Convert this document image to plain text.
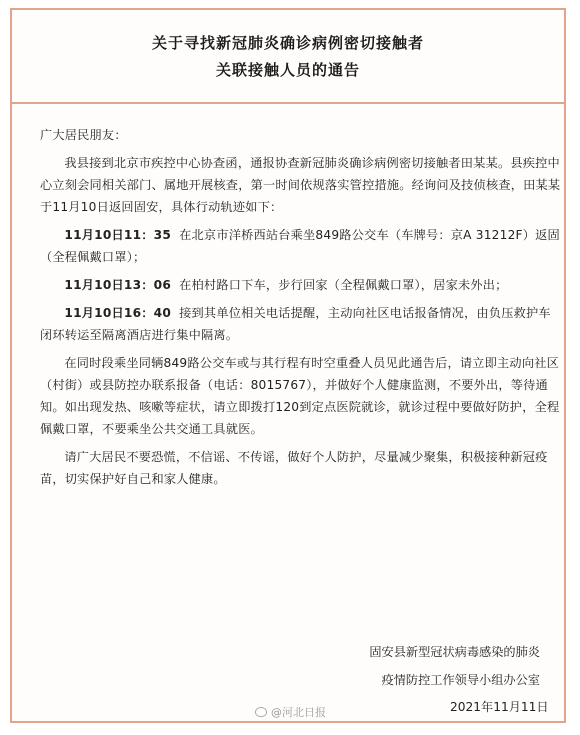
关于寻找新冠肺炎确诊病例密切接触者
关联接触人员的通告

广大居民朋友：

我县接到北京市疾控中心协查函，通报协查新冠肺炎确诊病例密切接触者田某某。县疾控中心立刻会同相关部门、属地开展核查，第一时间依规落实管控措施。经询问及技侦核查，田某某于11月10日返回固安，具体行动轨迹如下：

11月10日11：35 在北京市洋桥西站台乘坐849路公交车（车牌号：京A 31212F）返固（全程佩戴口罩）；

11月10日13：06 在柏村路口下车，步行回家（全程佩戴口罩），居家未外出；

11月10日16：40 接到其单位相关电话提醒，主动向社区电话报备情况，由负压救护车闭环转运至隔离酒店进行集中隔离。

在同时段乘坐同辆849路公交车或与其行程有时空重叠人员见此通告后，请立即主动向社区（村街）或县防控办联系报备（电话：8015767），并做好个人健康监测，不要外出，等待通知。如出现发热、咳嗽等症状，请立即拨打120到定点医院就诊，就诊过程中要做好防护，全程佩戴口罩，不要乘坐公共交通工具就医。

请广大居民不要恐慌，不信谣、不传谣，做好个人防护，尽量减少聚集，积极接种新冠疫苗，切实保护好自己和家人健康。

固安县新型冠状病毒感染的肺炎
疫情防控工作领导小组办公室
2021年11月11日
@河北日报
